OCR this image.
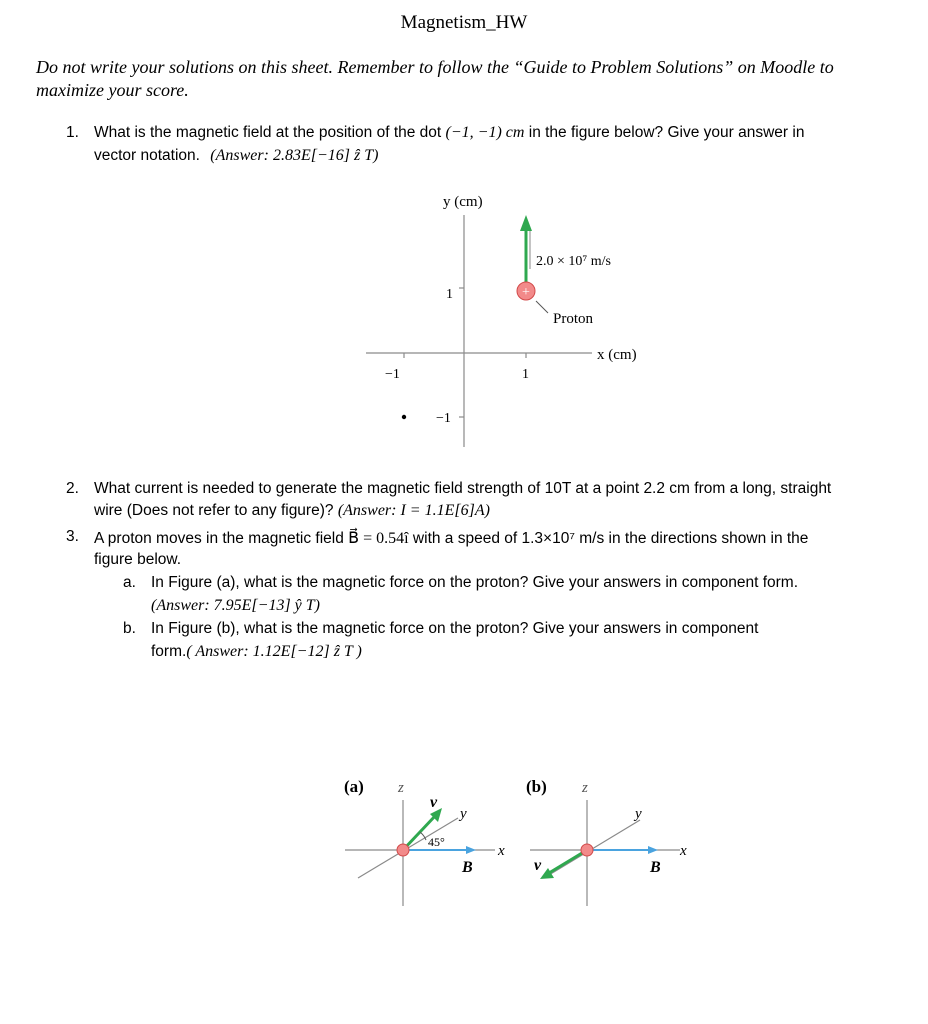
Magnetism_HW
Do not write your solutions on this sheet. Remember to follow the “Guide to Problem Solutions” on Moodle to
maximize your score.
1. What is the magnetic field at the position of the dot (−1, −1) cm in the figure below? Give your answer in
vector notation. (Answer: 2.83E[−16] ẑ T)
y (cm)
x (cm)
1
−1
1
−1
2.0 × 10⁷ m/s
+
Proton
2. What current is needed to generate the magnetic field strength of 10T at a point 2.2 cm from a long, straight
wire (Does not refer to any figure)? (Answer: I = 1.1E[6]A)
3. A proton moves in the magnetic field B⃗ = 0.54î with a speed of 1.3×10⁷ m/s in the directions shown in the
figure below.
a. In Figure (a), what is the magnetic force on the proton? Give your answers in component form.
(Answer: 7.95E[−13] ŷ T)
b. In Figure (b), what is the magnetic force on the proton? Give your answers in component
form.( Answer: 1.12E[−12] ẑ T )
(a) z
y
x
B⃗
v⃗
45°
(b) z
y
x
B⃗
v⃗
